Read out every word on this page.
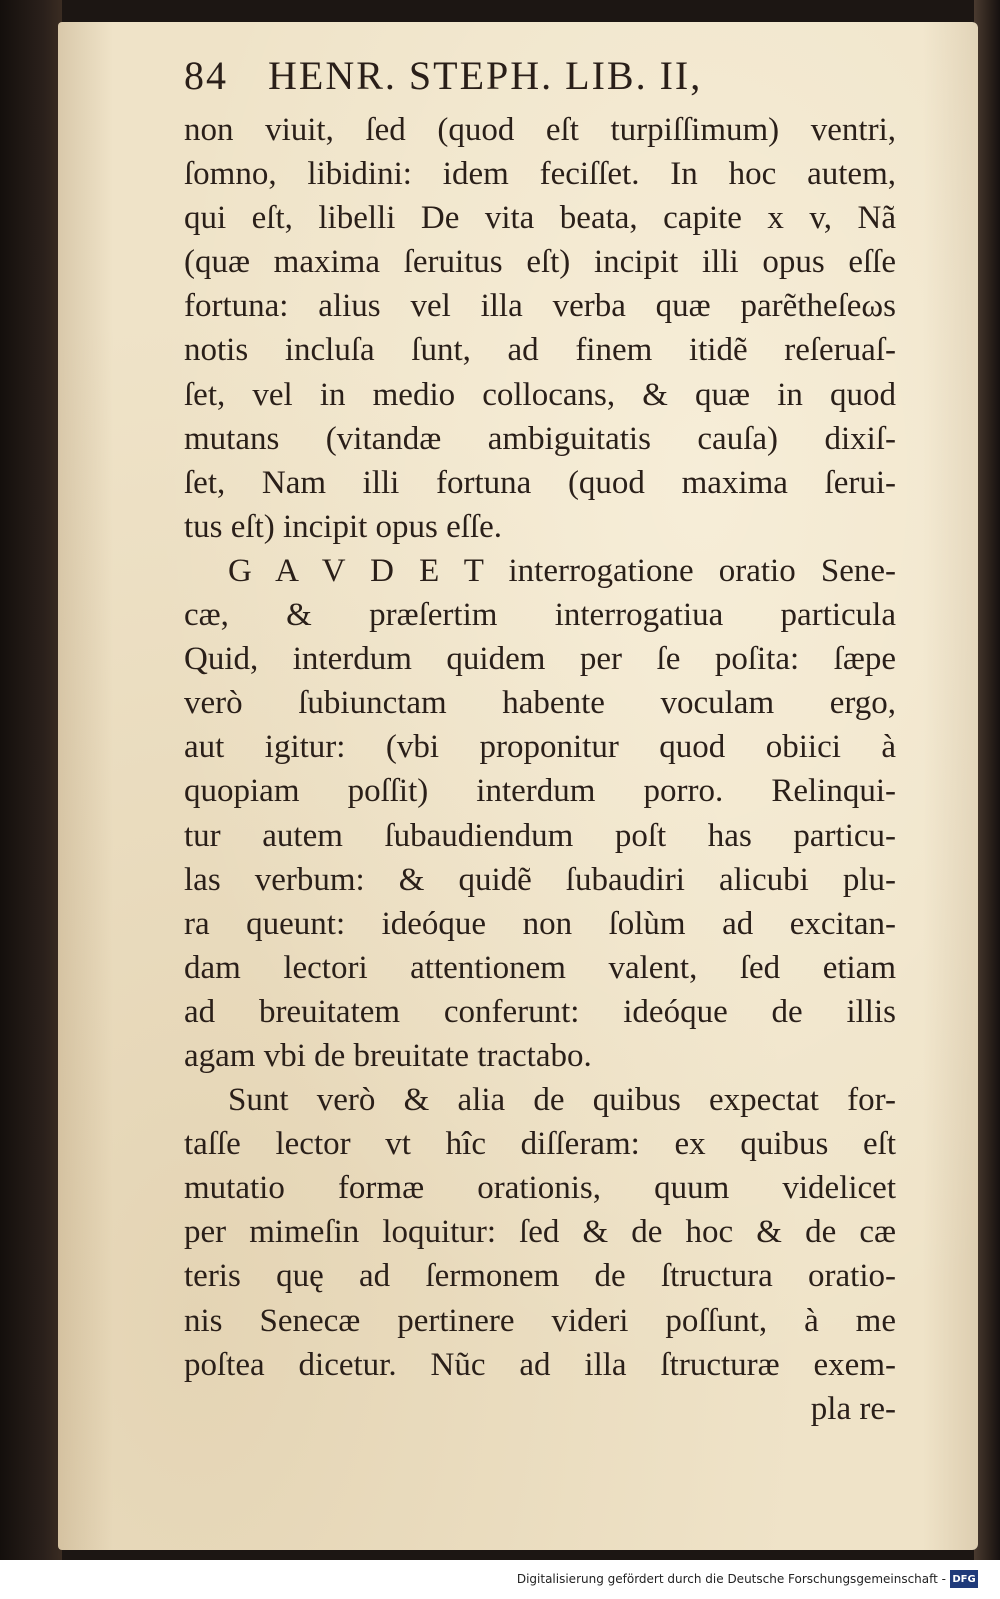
84 HENR. STEPH. LIB. II,
non viuit, ſed (quod eſt turpiſſimum) ventri,
ſomno, libidini: idem feciſſet. In hoc autem,
qui eſt, libelli De vita beata, capite x v, Nã
(quæ maxima ſeruitus eſt) incipit illi opus eſſe
fortuna: alius vel illa verba quæ parẽtheſeωs
notis incluſa ſunt, ad finem itidẽ reſeruaſ-
ſet, vel in medio collocans, & quæ in quod
mutans (vitandæ ambiguitatis cauſa) dixiſ-
ſet, Nam illi fortuna (quod maxima ſerui-
tus eſt) incipit opus eſſe.
G A V D E T interrogatione oratio Sene-
cæ, & præſertim interrogatiua particula
Quid, interdum quidem per ſe poſita: ſæpe
verò ſubiunctam habente voculam ergo,
aut igitur: (vbi proponitur quod obiici à
quopiam poſſit) interdum porro. Relinqui-
tur autem ſubaudiendum poſt has particu-
las verbum: & quidẽ ſubaudiri alicubi plu-
ra queunt: ideóque non ſolùm ad excitan-
dam lectori attentionem valent, ſed etiam
ad breuitatem conferunt: ideóque de illis
agam vbi de breuitate tractabo.
Sunt verò & alia de quibus expectat for-
taſſe lector vt hîc diſſeram: ex quibus eſt
mutatio formæ orationis, quum videlicet
per mimeſin loquitur: ſed & de hoc & de cæ
teris quę ad ſermonem de ſtructura oratio-
nis Senecæ pertinere videri poſſunt, à me
poſtea dicetur. Nũc ad illa ſtructuræ exem-
pla re-
Digitalisierung gefördert durch die Deutsche Forschungsgemeinschaft - DFG
